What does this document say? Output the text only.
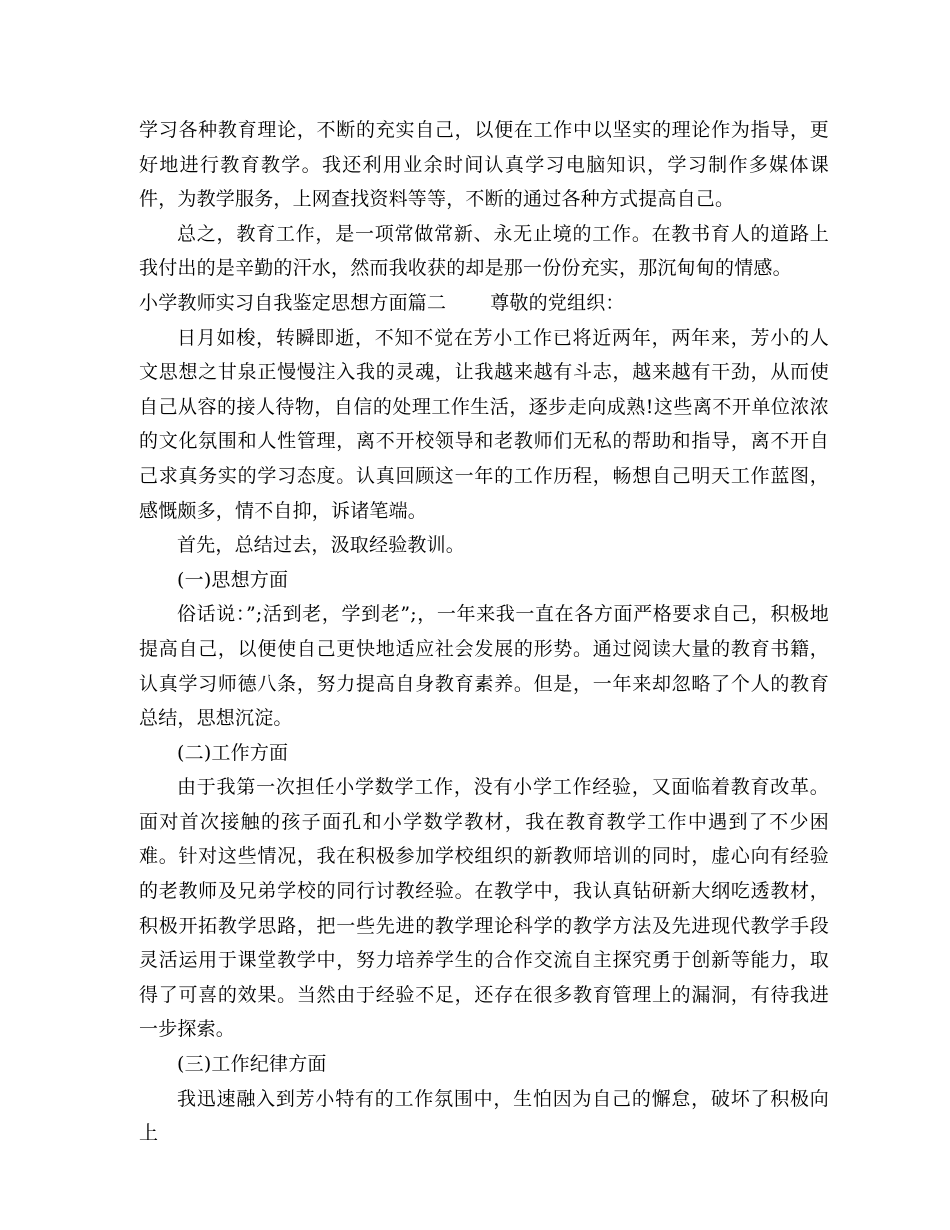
学习各种教育理论，不断的充实自己，以便在工作中以坚实的理论作为指导，更好地进行教育教学。我还利用业余时间认真学习电脑知识，学习制作多媒体课件，为教学服务，上网查找资料等等，不断的通过各种方式提高自己。

总之，教育工作，是一项常做常新、永无止境的工作。在教书育人的道路上我付出的是辛勤的汗水，然而我收获的却是那一份份充实，那沉甸甸的情感。

小学教师实习自我鉴定思想方面篇二 尊敬的党组织：

日月如梭，转瞬即逝，不知不觉在芳小工作已将近两年，两年来，芳小的人文思想之甘泉正慢慢注入我的灵魂，让我越来越有斗志，越来越有干劲，从而使自己从容的接人待物，自信的处理工作生活，逐步走向成熟!这些离不开单位浓浓的文化氛围和人性管理，离不开校领导和老教师们无私的帮助和指导，离不开自己求真务实的学习态度。认真回顾这一年的工作历程，畅想自己明天工作蓝图，感慨颇多，情不自抑，诉诸笔端。

首先，总结过去，汲取经验教训。

(一)思想方面

俗话说：”;活到老，学到老”;，一年来我一直在各方面严格要求自己，积极地提高自己，以便使自己更快地适应社会发展的形势。通过阅读大量的教育书籍，认真学习师德八条，努力提高自身教育素养。但是，一年来却忽略了个人的教育总结，思想沉淀。

(二)工作方面

由于我第一次担任小学数学工作，没有小学工作经验，又面临着教育改革。面对首次接触的孩子面孔和小学数学教材，我在教育教学工作中遇到了不少困难。针对这些情况，我在积极参加学校组织的新教师培训的同时，虚心向有经验的老教师及兄弟学校的同行讨教经验。在教学中，我认真钻研新大纲吃透教材，积极开拓教学思路，把一些先进的教学理论科学的教学方法及先进现代教学手段灵活运用于课堂教学中，努力培养学生的合作交流自主探究勇于创新等能力，取得了可喜的效果。当然由于经验不足，还存在很多教育管理上的漏洞，有待我进一步探索。

(三)工作纪律方面

我迅速融入到芳小特有的工作氛围中，生怕因为自己的懈怠，破坏了积极向上
